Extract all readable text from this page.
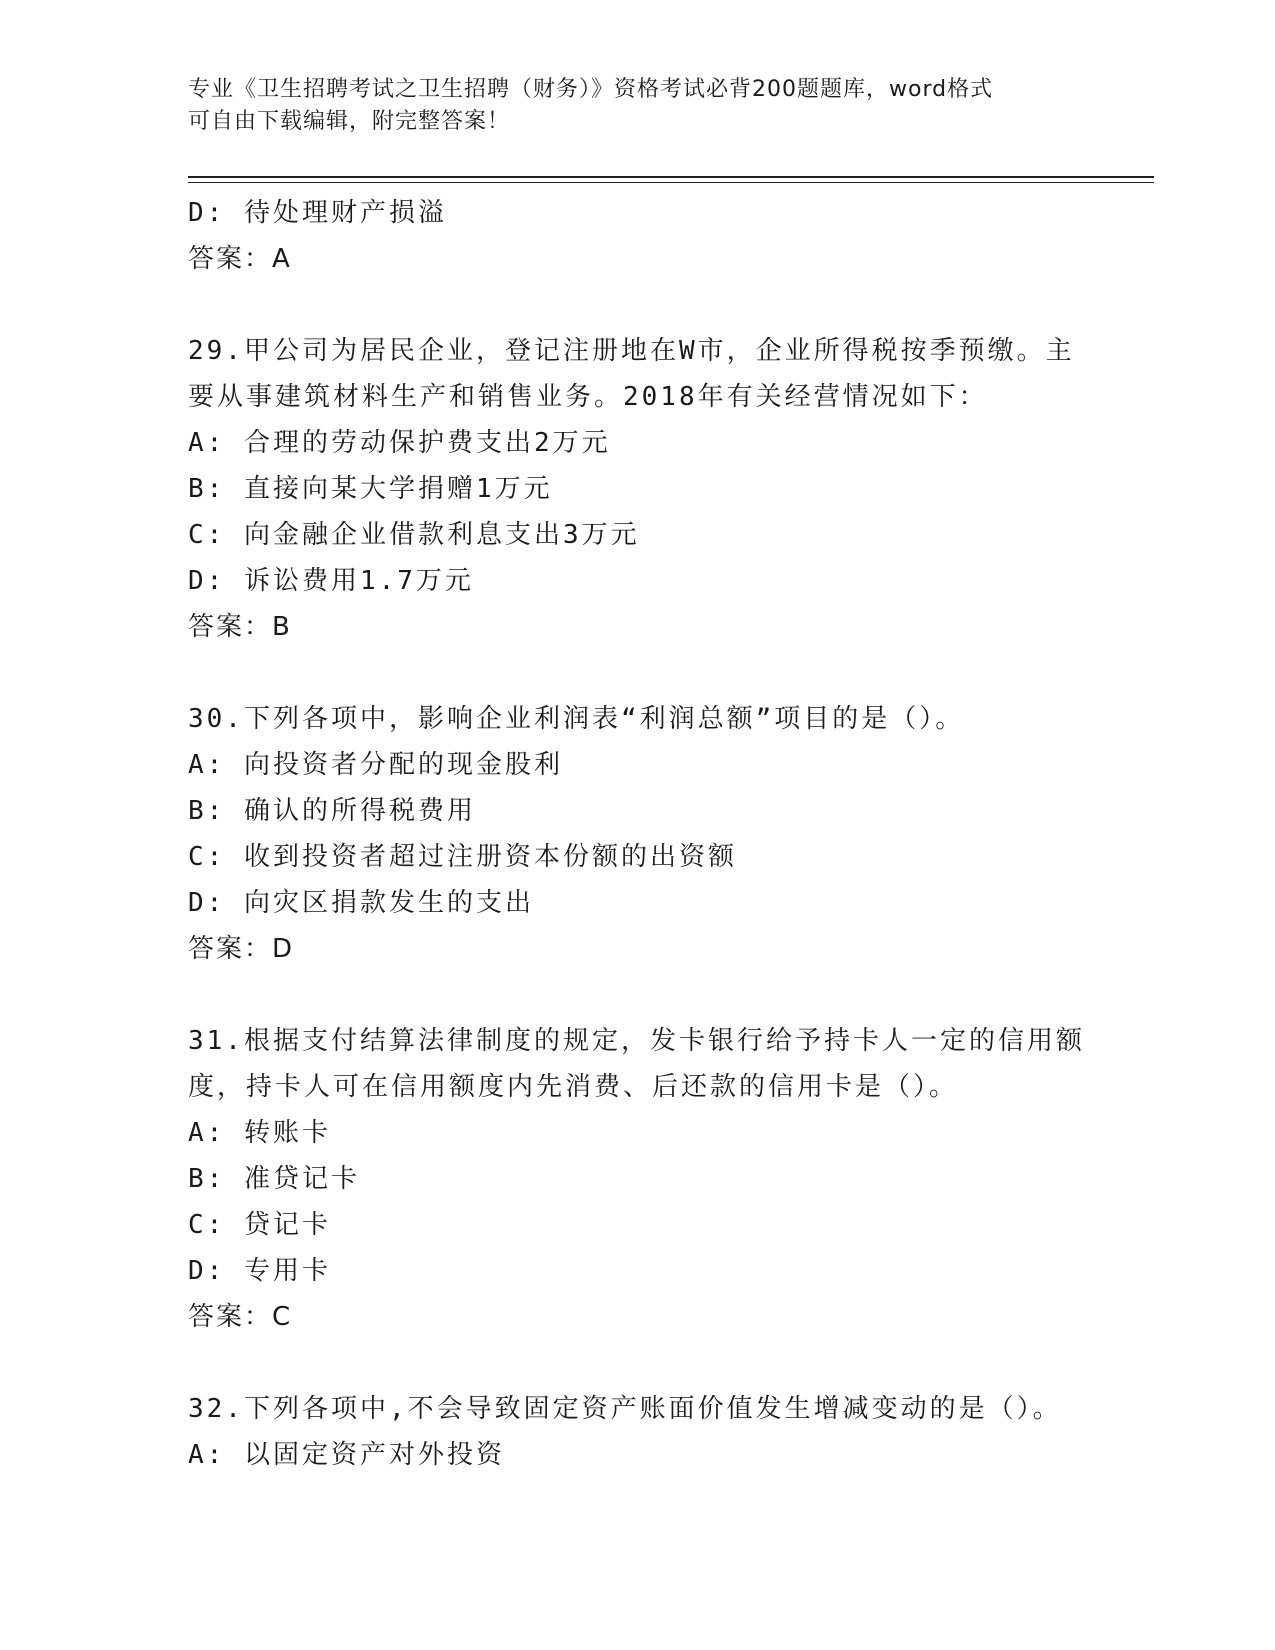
专业《卫生招聘考试之卫生招聘（财务）》资格考试必背200题题库，word格式
可自由下载编辑，附完整答案！
D: 待处理财产损溢
答案：A
29.甲公司为居民企业，登记注册地在W市，企业所得税按季预缴。主
要从事建筑材料生产和销售业务。2018年有关经营情况如下：
A: 合理的劳动保护费支出2万元
B: 直接向某大学捐赠1万元
C: 向金融企业借款利息支出3万元
D: 诉讼费用1.7万元
答案：B
30.下列各项中，影响企业利润表“利润总额”项目的是（）。
A: 向投资者分配的现金股利
B: 确认的所得税费用
C: 收到投资者超过注册资本份额的出资额
D: 向灾区捐款发生的支出
答案：D
31.根据支付结算法律制度的规定，发卡银行给予持卡人一定的信用额
度，持卡人可在信用额度内先消费、后还款的信用卡是（）。
A: 转账卡
B: 准贷记卡
C: 贷记卡
D: 专用卡
答案：C
32.下列各项中,不会导致固定资产账面价值发生增减变动的是（）。
A: 以固定资产对外投资
